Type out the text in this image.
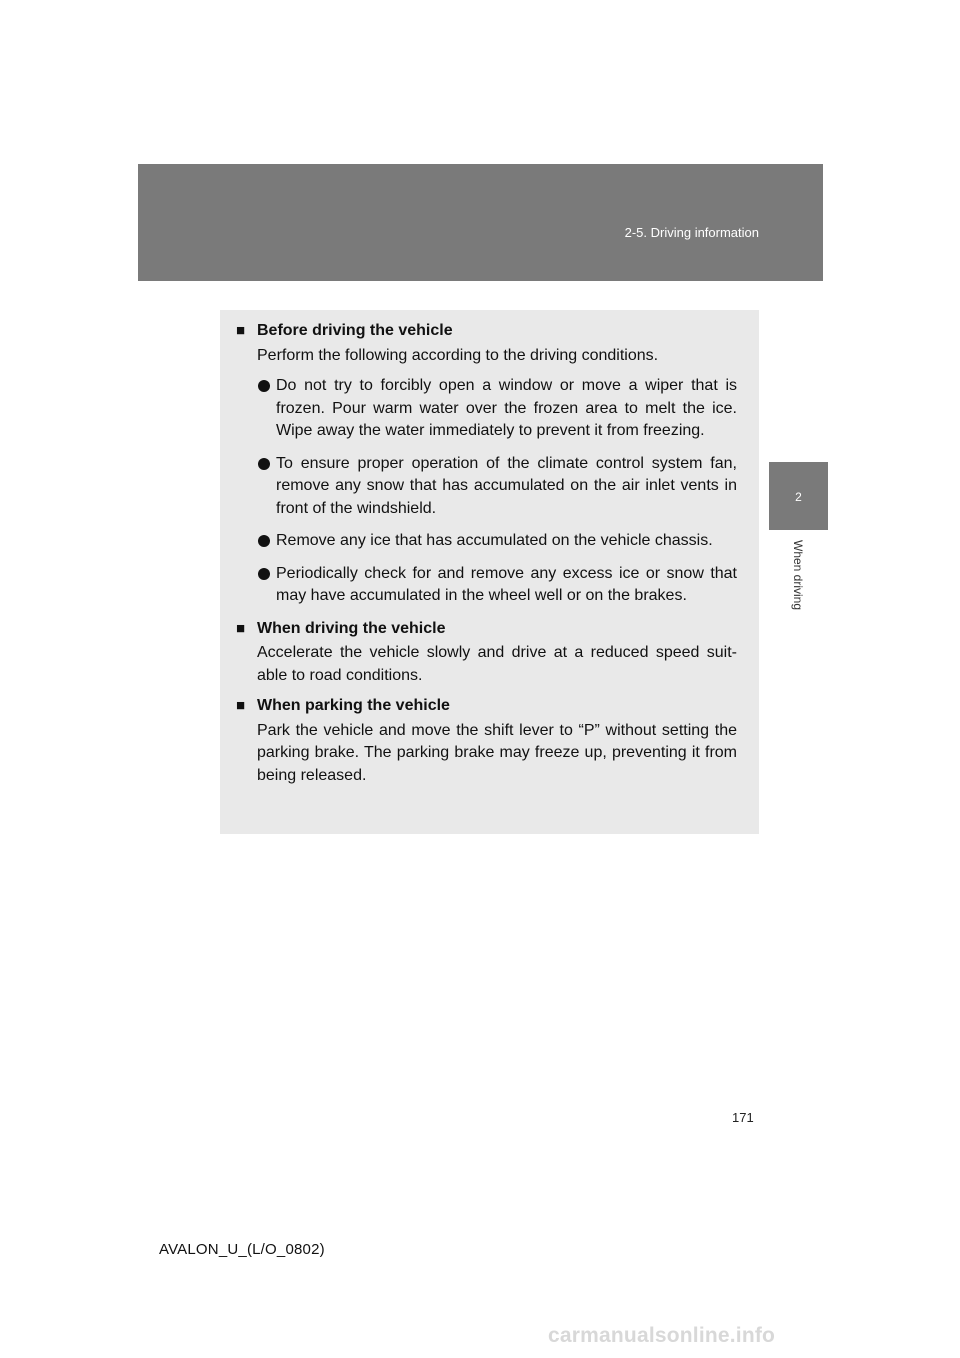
2-5. Driving information
2
When driving
■ Before driving the vehicle
Perform the following according to the driving conditions.
Do not try to forcibly open a window or move a wiper that is frozen. Pour warm water over the frozen area to melt the ice. Wipe away the water immediately to prevent it from freezing.
To ensure proper operation of the climate control system fan, remove any snow that has accumulated on the air inlet vents in front of the windshield.
Remove any ice that has accumulated on the vehicle chassis.
Periodically check for and remove any excess ice or snow that may have accumulated in the wheel well or on the brakes.
■ When driving the vehicle
Accelerate the vehicle slowly and drive at a reduced speed suit-able to road conditions.
■ When parking the vehicle
Park the vehicle and move the shift lever to “P” without setting the parking brake. The parking brake may freeze up, preventing it from being released.
171
AVALON_U_(L/O_0802)
carmanualsonline.info
